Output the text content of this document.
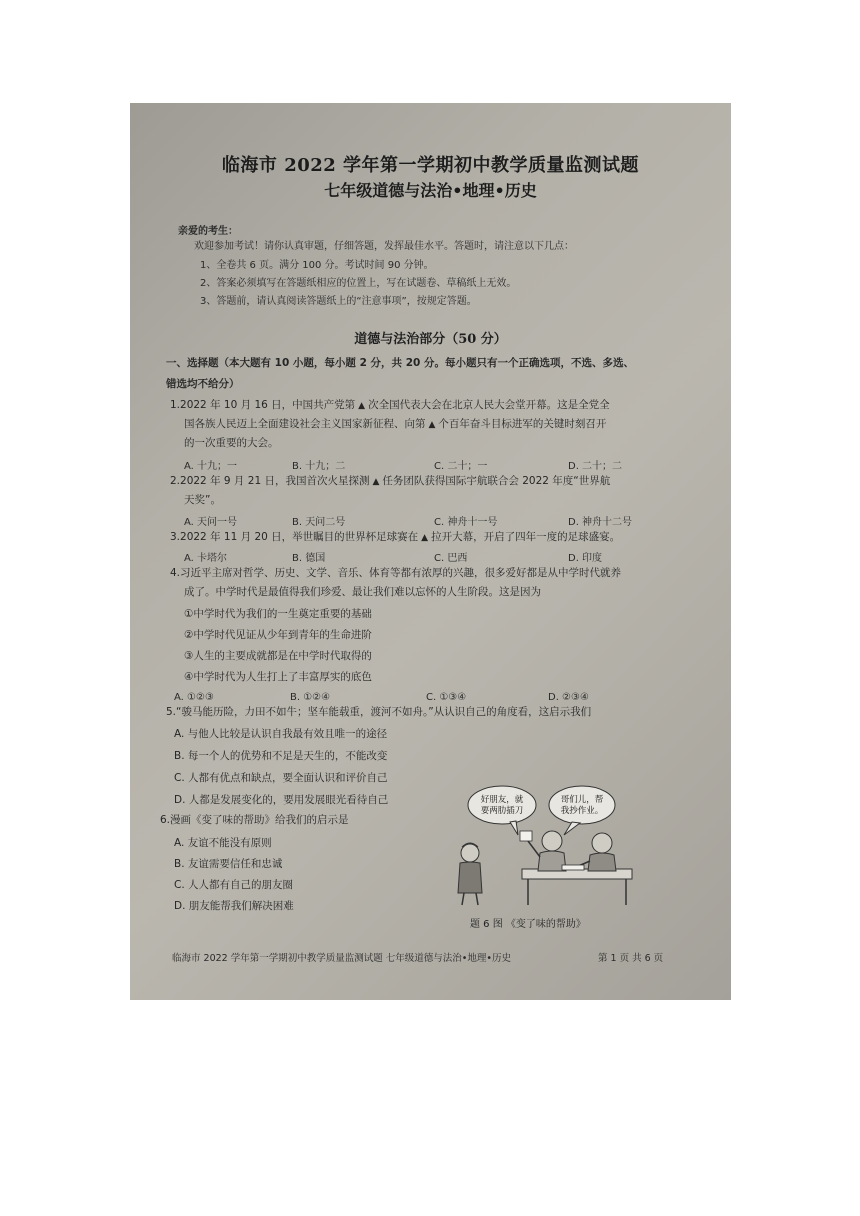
临海市 2022 学年第一学期初中教学质量监测试题
七年级道德与法治•地理•历史
亲爱的考生：
欢迎参加考试！请你认真审题，仔细答题，发挥最佳水平。答题时，请注意以下几点：
1、全卷共 6 页。满分 100 分。考试时间 90 分钟。
2、答案必须填写在答题纸相应的位置上，写在试题卷、草稿纸上无效。
3、答题前，请认真阅读答题纸上的“注意事项”，按规定答题。
道德与法治部分（50 分）
一、选择题（本大题有 10 小题，每小题 2 分，共 20 分。每小题只有一个正确选项，不选、多选、
错选均不给分）
1.2022 年 10 月 16 日，中国共产党第 ▲ 次全国代表大会在北京人民大会堂开幕。这是全党全
国各族人民迈上全面建设社会主义国家新征程、向第 ▲ 个百年奋斗目标进军的关键时刻召开
的一次重要的大会。
A. 十九；一	B. 十九；二	C. 二十；一	D. 二十；二
2.2022 年 9 月 21 日，我国首次火星探测 ▲ 任务团队获得国际宇航联合会 2022 年度“世界航
天奖”。
A. 天问一号	B. 天问二号	C. 神舟十一号	D. 神舟十二号
3.2022 年 11 月 20 日，举世瞩目的世界杯足球赛在 ▲ 拉开大幕，开启了四年一度的足球盛宴。
A. 卡塔尔	B. 德国	C. 巴西	D. 印度
4.习近平主席对哲学、历史、文学、音乐、体育等都有浓厚的兴趣，很多爱好都是从中学时代就养
成了。中学时代是最值得我们珍爱、最让我们难以忘怀的人生阶段。这是因为
①中学时代为我们的一生奠定重要的基础
②中学时代见证从少年到青年的生命进阶
③人生的主要成就都是在中学时代取得的
④中学时代为人生打上了丰富厚实的底色
A. ①②③	B. ①②④	C. ①③④	D. ②③④
5.“骏马能历险，力田不如牛；坚车能载重，渡河不如舟。”从认识自己的角度看，这启示我们
A. 与他人比较是认识自我最有效且唯一的途径
B. 每一个人的优势和不足是天生的，不能改变
C. 人都有优点和缺点，要全面认识和评价自己
D. 人都是发展变化的，要用发展眼光看待自己
6.漫画《变了味的帮助》给我们的启示是
A. 友谊不能没有原则
B. 友谊需要信任和忠诚
C. 人人都有自己的朋友圈
D. 朋友能帮我们解决困难
好朋友，就
要两肋插刀
哥们儿，帮
我抄作业。
题 6 图 《变了味的帮助》
临海市 2022 学年第一学期初中教学质量监测试题 七年级道德与法治•地理•历史	第 1 页 共 6 页
